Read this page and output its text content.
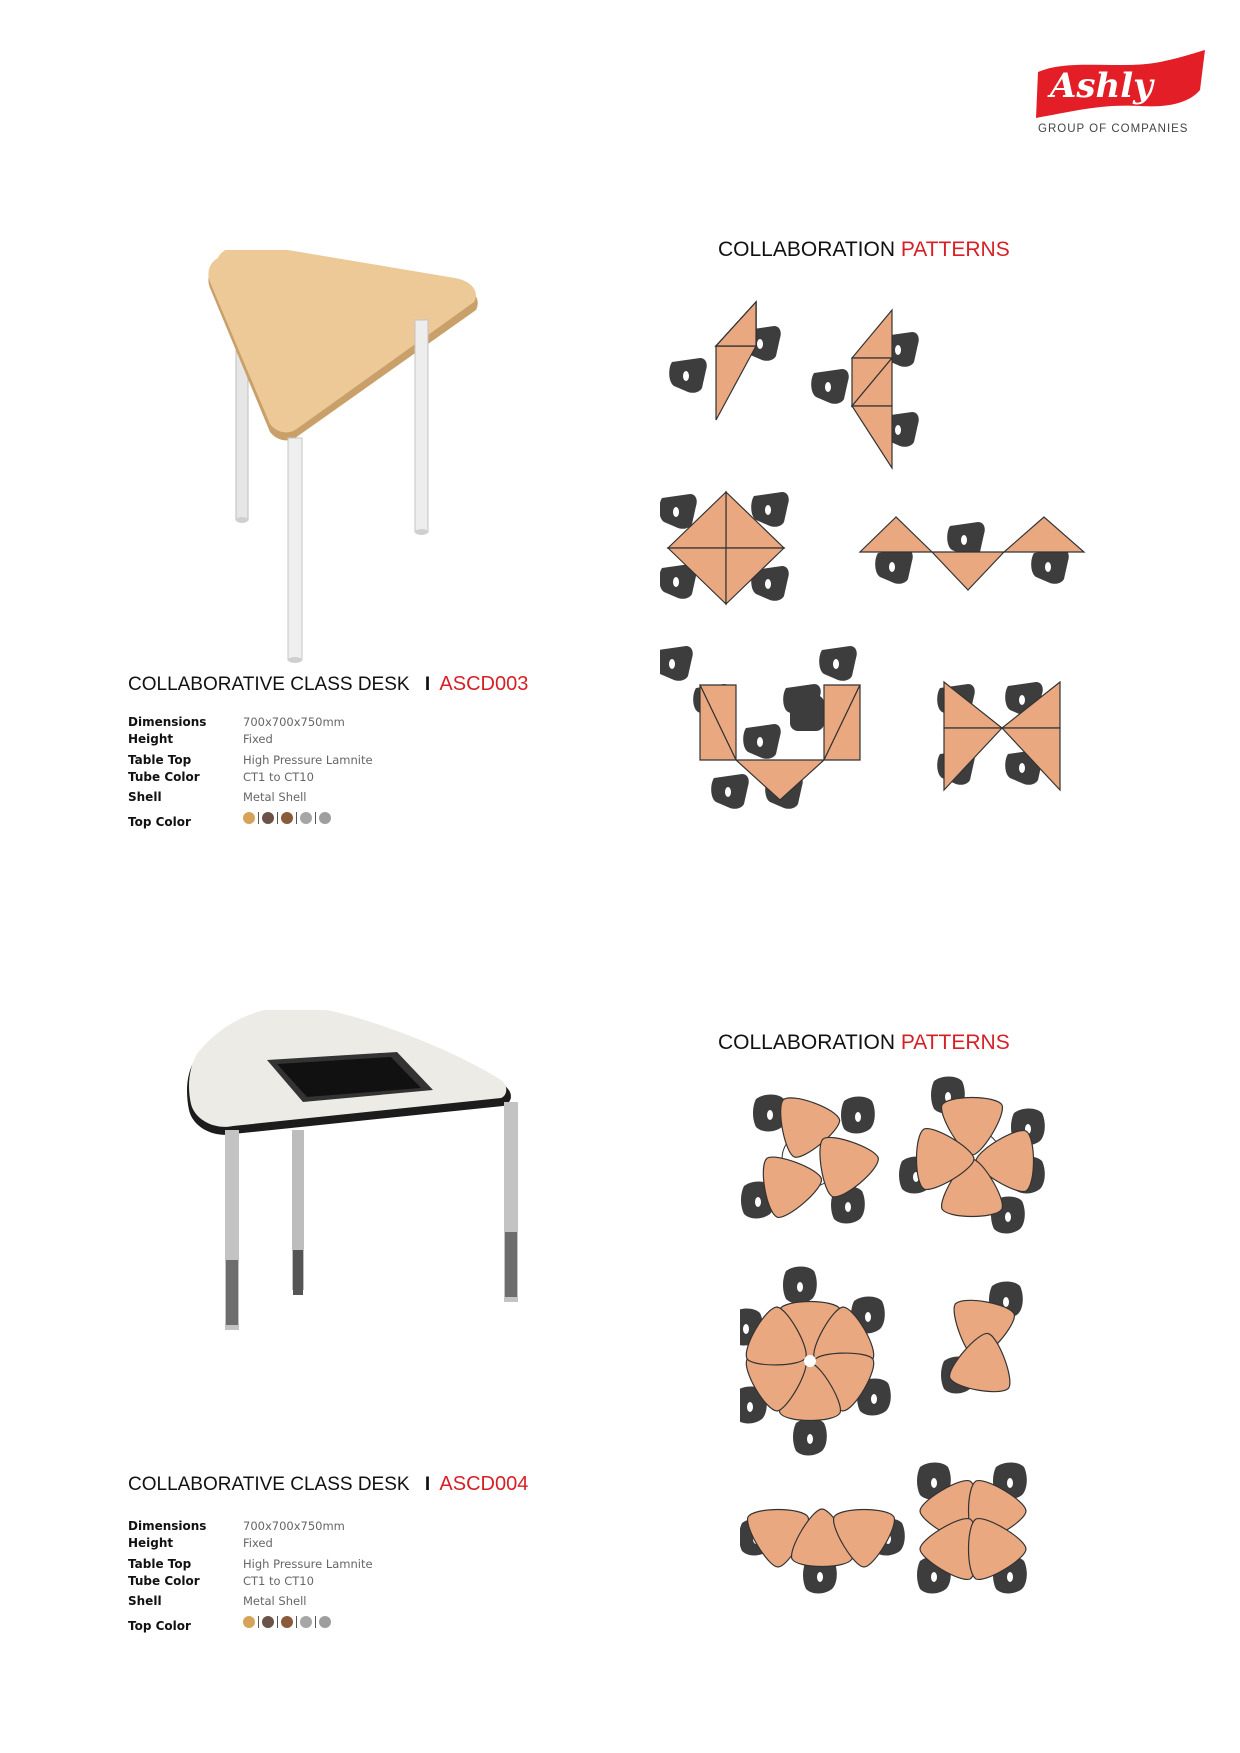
Ashly
GROUP OF COMPANIES
COLLABORATIVE CLASS DESK I ASCD003
Dimensions	700x700x750mm
Height	Fixed
Table Top	High Pressure Lamnite
Tube Color	CT1 to CT10
Shell	Metal Shell
Top Color
COLLABORATION PATTERNS
COLLABORATIVE CLASS DESK I ASCD004
Dimensions	700x700x750mm
Height	Fixed
Table Top	High Pressure Lamnite
Tube Color	CT1 to CT10
Shell	Metal Shell
Top Color
COLLABORATION PATTERNS
